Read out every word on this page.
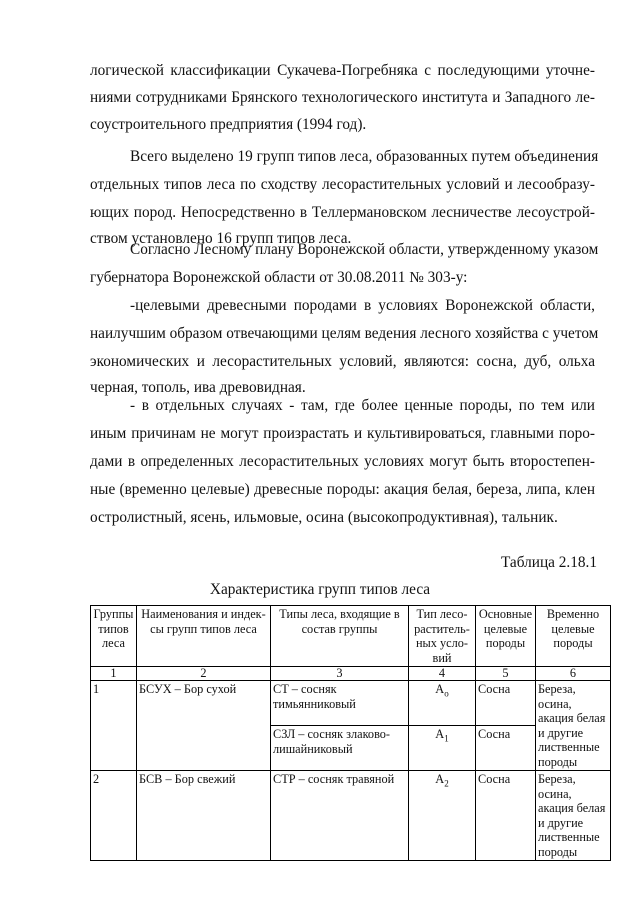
логической классификации Сукачева-Погребняка с последующими уточне-
ниями сотрудниками Брянского технологического института и Западного ле-
соустроительного предприятия (1994 год).
Всего выделено 19 групп типов леса, образованных путем объединения
отдельных типов леса по сходству лесорастительных условий и лесообразу-
ющих пород. Непосредственно в Теллермановском лесничестве лесоустрой-
ством установлено 16 групп типов леса.
Согласно Лесному плану Воронежской области, утвержденному указом
губернатора Воронежской области от 30.08.2011 № 303-у:
-целевыми древесными породами в условиях Воронежской области,
наилучшим образом отвечающими целям ведения лесного хозяйства с учетом
экономических и лесорастительных условий, являются: сосна, дуб, ольха
черная, тополь, ива древовидная.
- в отдельных случаях - там, где более ценные породы, по тем или
иным причинам не могут произрастать и культивироваться, главными поро-
дами в определенных лесорастительных условиях могут быть второстепен-
ные (временно целевые) древесные породы: акация белая, береза, липа, клен
остролистный, ясень, ильмовые, осина (высокопродуктивная), тальник.
Таблица 2.18.1
Характеристика групп типов леса
Группы типов леса	Наименования и индек-сы групп типов леса	Типы леса, входящие в состав группы	Тип лесо-раститель-ных усло-вий	Основные целевые породы	Временно целевые породы
1	2	3	4	5	6
1	БСУХ – Бор сухой	СТ – сосняк тимьянниковый	$А_о$	Сосна	Береза, осина, акация белая и другие лиственные породы
		СЗЛ – сосняк злаково-лишайниковый	$А_1$	Сосна	
2	БСВ – Бор свежий	СТР – сосняк травяной	$А_2$	Сосна	Береза, осина, акация белая и другие лиственные породы
